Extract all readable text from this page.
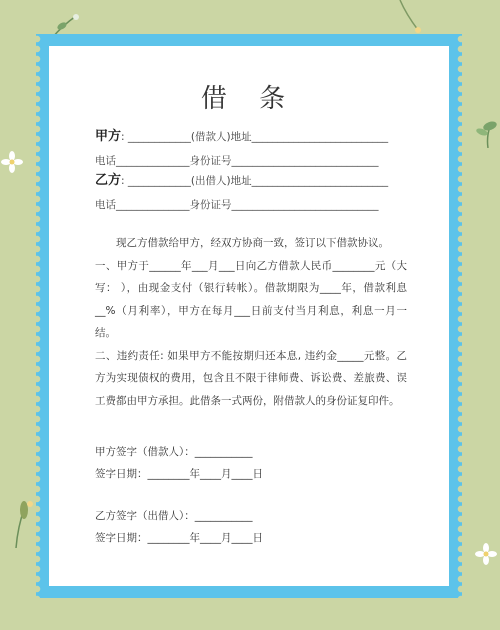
借 条
甲方: ____________(借款人)地址__________________________
电话______________身份证号____________________________
乙方: ____________(出借人)地址__________________________
电话______________身份证号____________________________

现乙方借款给甲方，经双方协商一致，签订以下借款协议。

一、甲方于______年___月___日向乙方借款人民币________元（大写： ），由现金支付（银行转帐）。借款期限为____年，借款利息__%（月利率），甲方在每月___日前支付当月利息，利息一月一结。

二、违约责任: 如果甲方不能按期归还本息, 违约金_____元整。乙方为实现债权的费用，包含且不限于律师费、诉讼费、差旅费、误工费都由甲方承担。此借条一式两份，附借款人的身份证复印件。

甲方签字（借款人）：___________
签字日期：________年____月____日
乙方签字（出借人）：___________
签字日期：________年____月____日
